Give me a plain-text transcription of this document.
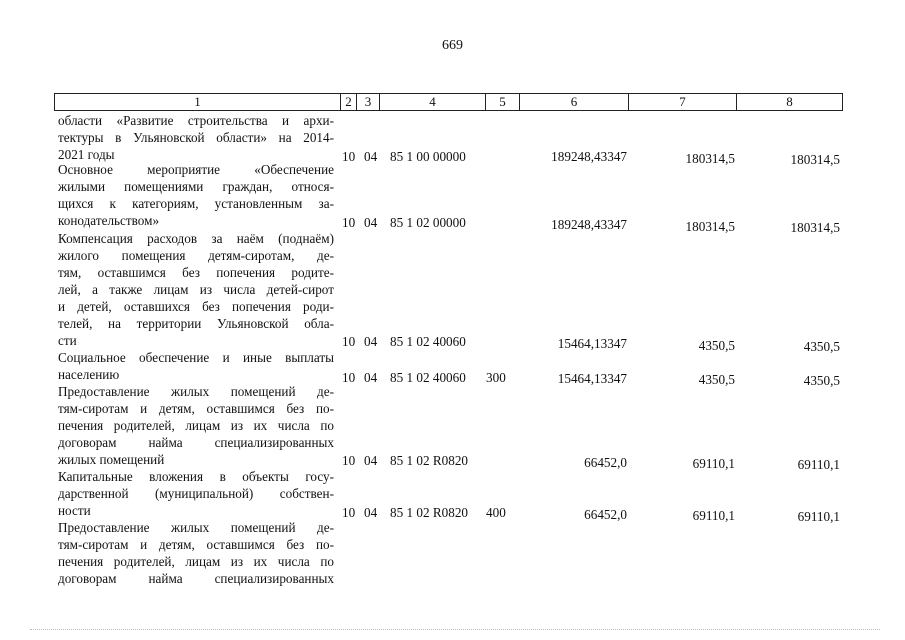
669
1	2	3	4	5	6	7	8
области «Развитие строительства и архи-
тектуры в Ульяновской области» на 2014-
2021 годы
Основное мероприятие «Обеспечение
жилыми помещениями граждан, относя-
щихся к категориям, установленным за-
конодательством»
10 04 85 1 00 00000	189248,43347	180314,5	180314,5
Компенсация расходов за наём (поднаём)
жилого помещения детям-сиротам, де-
тям, оставшимся без попечения родите-
лей, а также лицам из числа детей-сирот
и детей, оставшихся без попечения роди-
телей, на территории Ульяновской обла-
сти
10 04 85 1 02 00000	189248,43347	180314,5	180314,5
Социальное обеспечение и иные выплаты
населению
10 04 85 1 02 40060	15464,13347	4350,5	4350,5
Предоставление жилых помещений де-
тям-сиротам и детям, оставшимся без по-
печения родителей, лицам из их числа по
договорам найма специализированных
жилых помещений
10 04 85 1 02 40060 300	15464,13347	4350,5	4350,5
Капитальные вложения в объекты госу-
дарственной (муниципальной) собствен-
ности
10 04 85 1 02 R0820	66452,0	69110,1	69110,1
Предоставление жилых помещений де-
тям-сиротам и детям, оставшимся без по-
печения родителей, лицам из их числа по
договорам найма специализированных
10 04 85 1 02 R0820 400	66452,0	69110,1	69110,1
